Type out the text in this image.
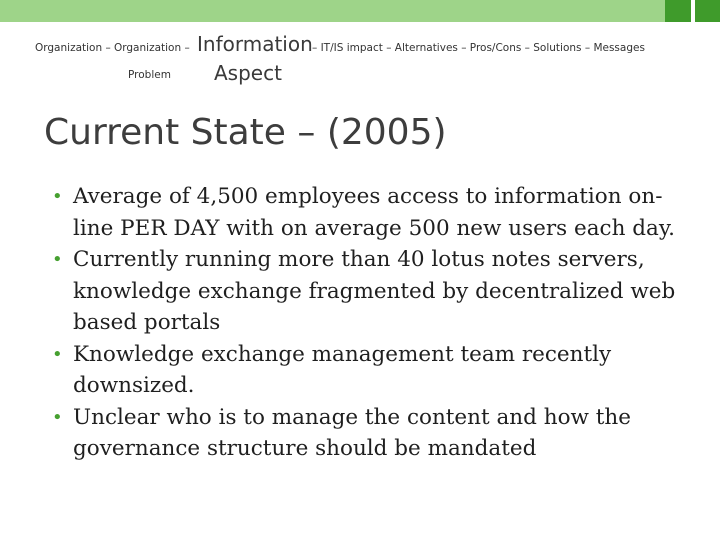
Organization – Organization – Information – IT/IS impact – Alternatives – Pros/Cons – Solutions – Messages
Problem Aspect
Current State – (2005)
• Average of 4,500 employees access to information on-line PER DAY with on average 500 new users each day.
• Currently running more than 40 lotus notes servers, knowledge exchange fragmented by decentralized web based portals
• Knowledge exchange management team recently downsized.
• Unclear who is to manage the content and how the governance structure should be mandated
